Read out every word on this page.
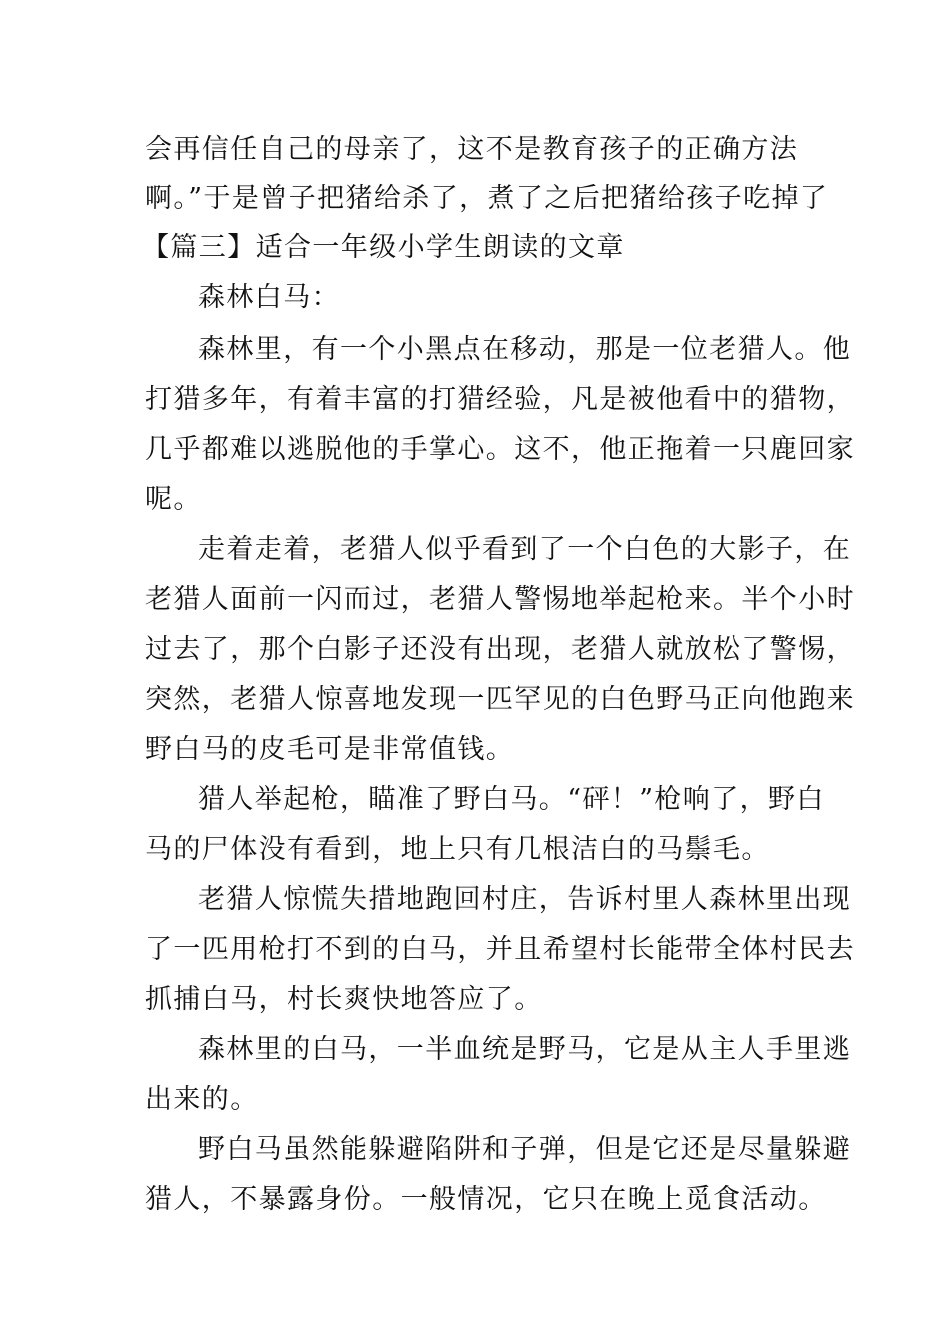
会再信任自己的母亲了，这不是教育孩子的正确方法
啊。”于是曾子把猪给杀了，煮了之后把猪给孩子吃掉了
【篇三】适合一年级小学生朗读的文章
森林白马：
森林里，有一个小黑点在移动，那是一位老猎人。他
打猎多年，有着丰富的打猎经验，凡是被他看中的猎物，
几乎都难以逃脱他的手掌心。这不，他正拖着一只鹿回家
呢。
走着走着，老猎人似乎看到了一个白色的大影子，在
老猎人面前一闪而过，老猎人警惕地举起枪来。半个小时
过去了，那个白影子还没有出现，老猎人就放松了警惕，
突然，老猎人惊喜地发现一匹罕见的白色野马正向他跑来
野白马的皮毛可是非常值钱。
猎人举起枪，瞄准了野白马。“砰！”枪响了，野白
马的尸体没有看到，地上只有几根洁白的马鬃毛。
老猎人惊慌失措地跑回村庄，告诉村里人森林里出现
了一匹用枪打不到的白马，并且希望村长能带全体村民去
抓捕白马，村长爽快地答应了。
森林里的白马，一半血统是野马，它是从主人手里逃
出来的。
野白马虽然能躲避陷阱和子弹，但是它还是尽量躲避
猎人，不暴露身份。一般情况，它只在晚上觅食活动。
